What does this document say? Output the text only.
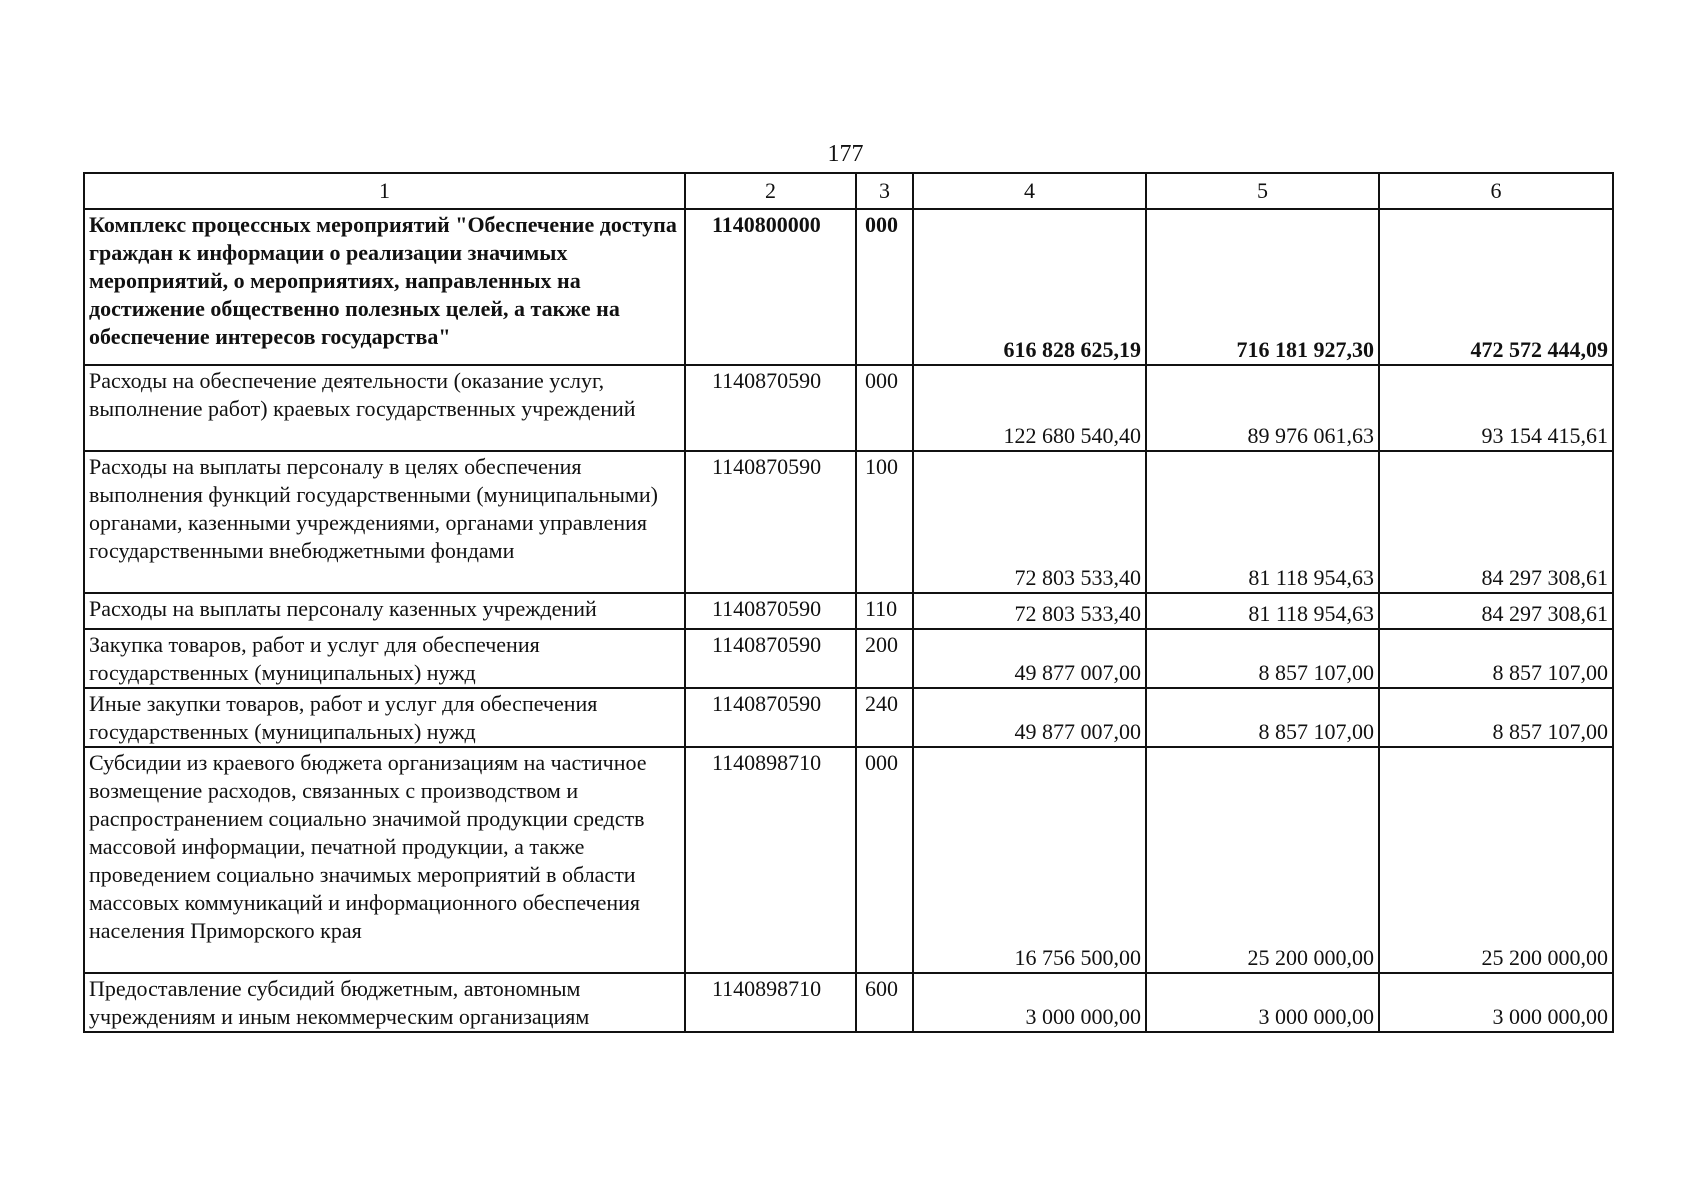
177
1	2	3	4	5	6
Комплекс процессных мероприятий "Обеспечение доступа граждан к информации о реализации значимых мероприятий, о мероприятиях, направленных на достижение общественно полезных целей, а также на обеспечение интересов государства"	1140800000	000	616 828 625,19	716 181 927,30	472 572 444,09
Расходы на обеспечение деятельности (оказание услуг, выполнение работ) краевых государственных учреждений	1140870590	000	122 680 540,40	89 976 061,63	93 154 415,61
Расходы на выплаты персоналу в целях обеспечения выполнения функций государственными (муниципальными) органами, казенными учреждениями, органами управления государственными внебюджетными фондами	1140870590	100	72 803 533,40	81 118 954,63	84 297 308,61
Расходы на выплаты персоналу казенных учреждений	1140870590	110	72 803 533,40	81 118 954,63	84 297 308,61
Закупка товаров, работ и услуг для обеспечения государственных (муниципальных) нужд	1140870590	200	49 877 007,00	8 857 107,00	8 857 107,00
Иные закупки товаров, работ и услуг для обеспечения государственных (муниципальных) нужд	1140870590	240	49 877 007,00	8 857 107,00	8 857 107,00
Субсидии из краевого бюджета организациям на частичное возмещение расходов, связанных с производством и распространением социально значимой продукции средств массовой информации, печатной продукции, а также проведением социально значимых мероприятий в области массовых коммуникаций и информационного обеспечения населения Приморского края	1140898710	000	16 756 500,00	25 200 000,00	25 200 000,00
Предоставление субсидий бюджетным, автономным учреждениям и иным некоммерческим организациям	1140898710	600	3 000 000,00	3 000 000,00	3 000 000,00
